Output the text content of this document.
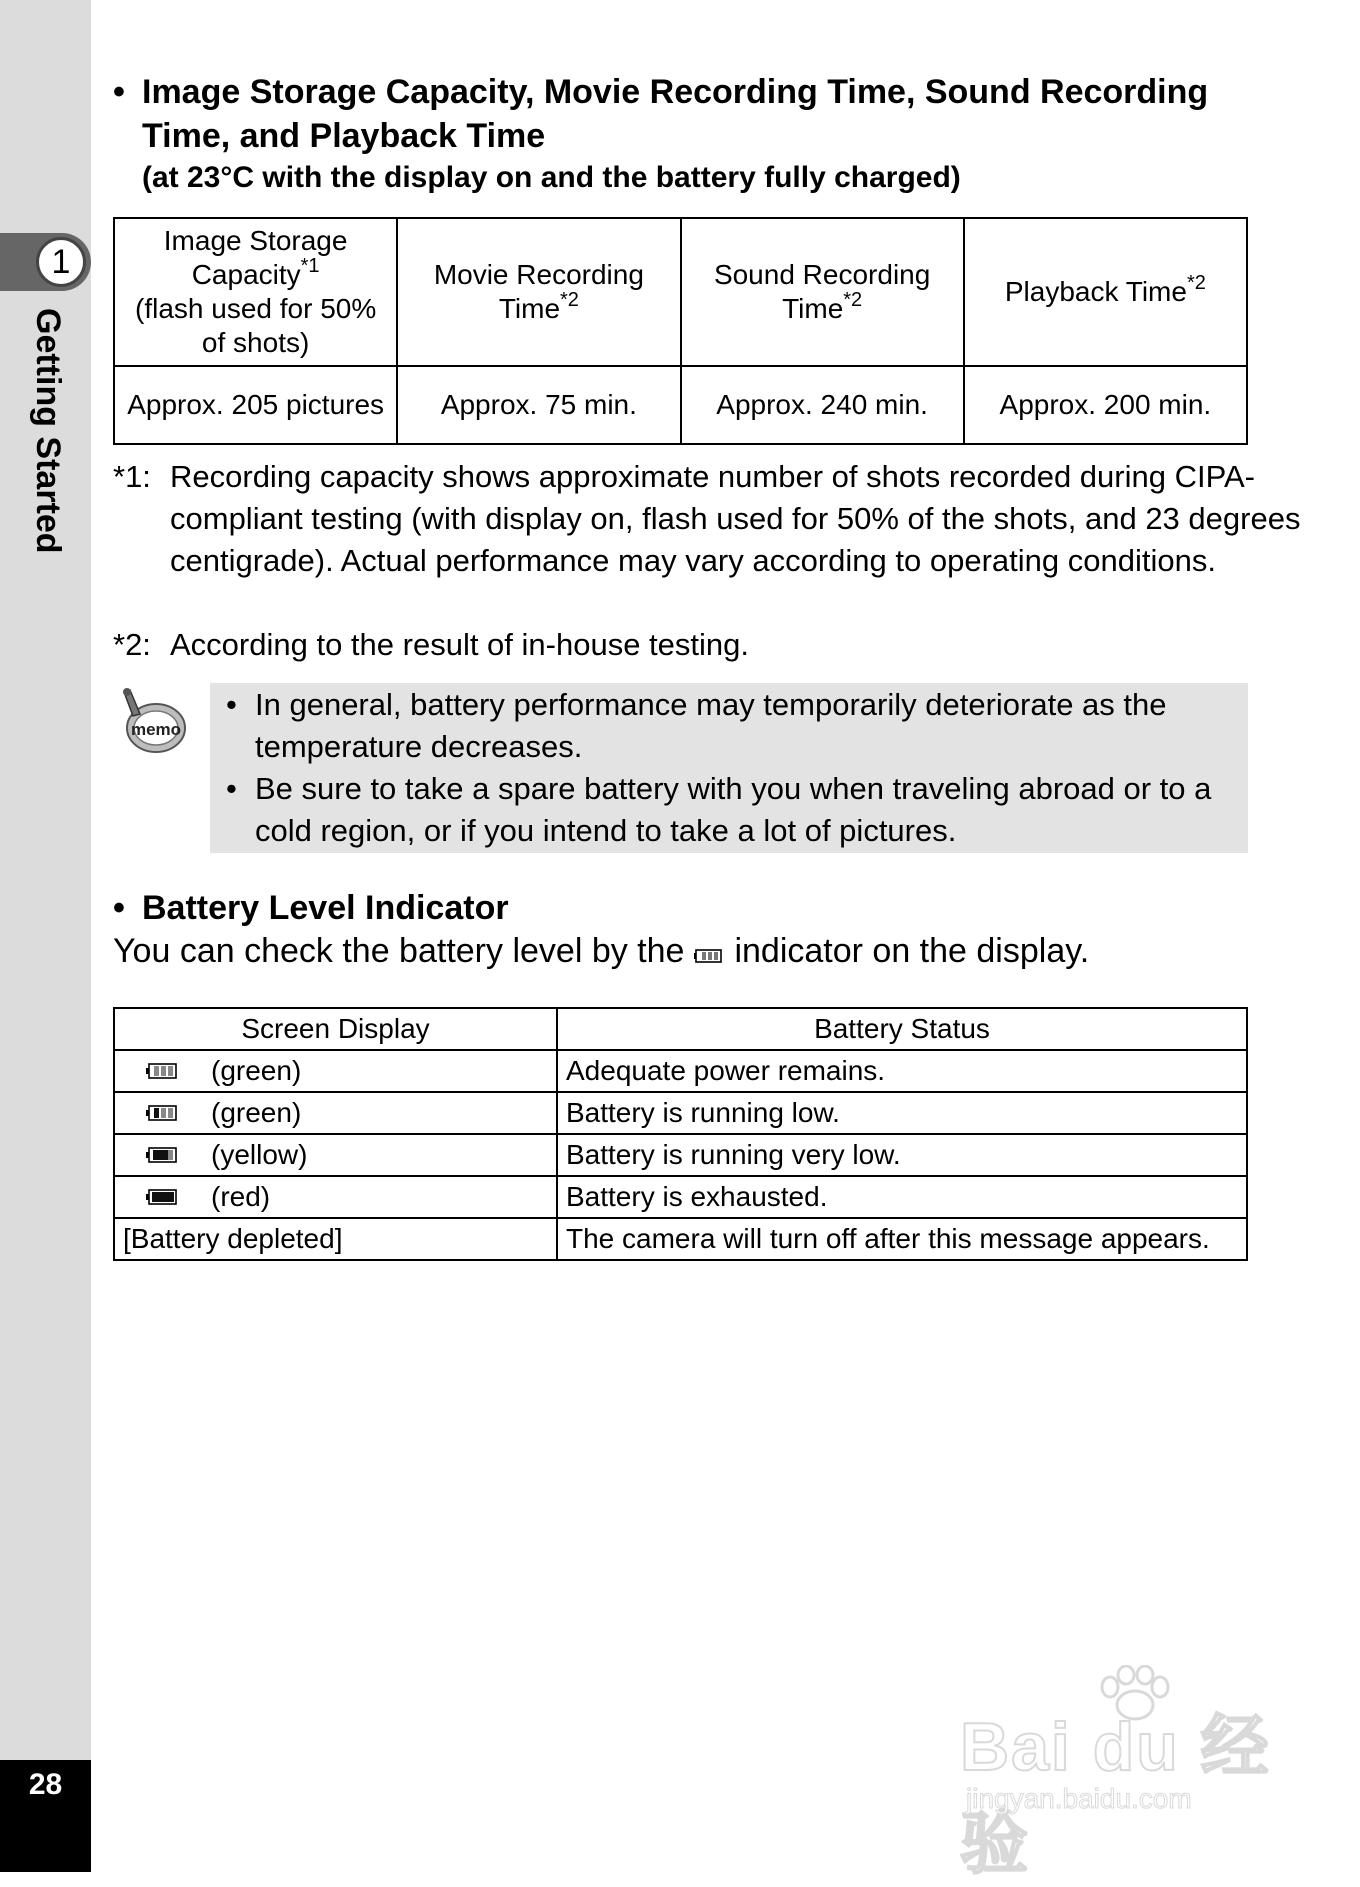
1
Getting Started
28
• Image Storage Capacity, Movie Recording Time, Sound Recording Time, and Playback Time
(at 23°C with the display on and the battery fully charged)
Image Storage Capacity$^{*1}$
(flash used for 50% of shots)	Movie Recording Time$^{*2}$	Sound Recording Time$^{*2}$	Playback Time$^{*2}$
Approx. 205 pictures	Approx. 75 min.	Approx. 240 min.	Approx. 200 min.
*1: Recording capacity shows approximate number of shots recorded during CIPA-compliant testing (with display on, flash used for 50% of the shots, and 23 degrees centigrade). Actual performance may vary according to operating conditions.
*2: According to the result of in-house testing.
memo
• In general, battery performance may temporarily deteriorate as the temperature decreases.
• Be sure to take a spare battery with you when traveling abroad or to a cold region, or if you intend to take a lot of pictures.
• Battery Level Indicator
You can check the battery level by the indicator on the display.
Screen Display	Battery Status

(green)	Adequate power remains.

(green)	Battery is running low.

(yellow)	Battery is running very low.

(red)	Battery is exhausted.
[Battery depleted]	The camera will turn off after this message appears.
Bai du 经验
jingyan.baidu.com
